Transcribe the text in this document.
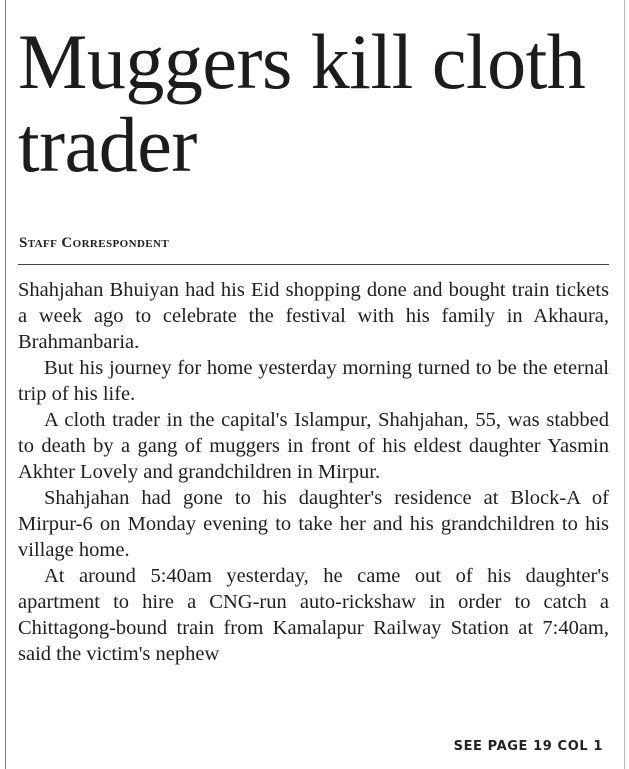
Muggers kill cloth trader
Staff Correspondent

Shahjahan Bhuiyan had his Eid shopping done and bought train tickets a week ago to celebrate the festival with his family in Akhaura, Brahmanbaria.

But his journey for home yesterday morning turned to be the eternal trip of his life.

A cloth trader in the capital's Islampur, Shahjahan, 55, was stabbed to death by a gang of muggers in front of his eldest daughter Yasmin Akhter Lovely and grandchildren in Mirpur.

Shahjahan had gone to his daughter's residence at Block-A of Mirpur-6 on Monday evening to take her and his grandchildren to his village home.

At around 5:40am yesterday, he came out of his daughter's apartment to hire a CNG-run auto-rickshaw in order to catch a Chittagong-bound train from Kamalapur Railway Station at 7:40am, said the victim's nephew

SEE PAGE 19 COL 1
